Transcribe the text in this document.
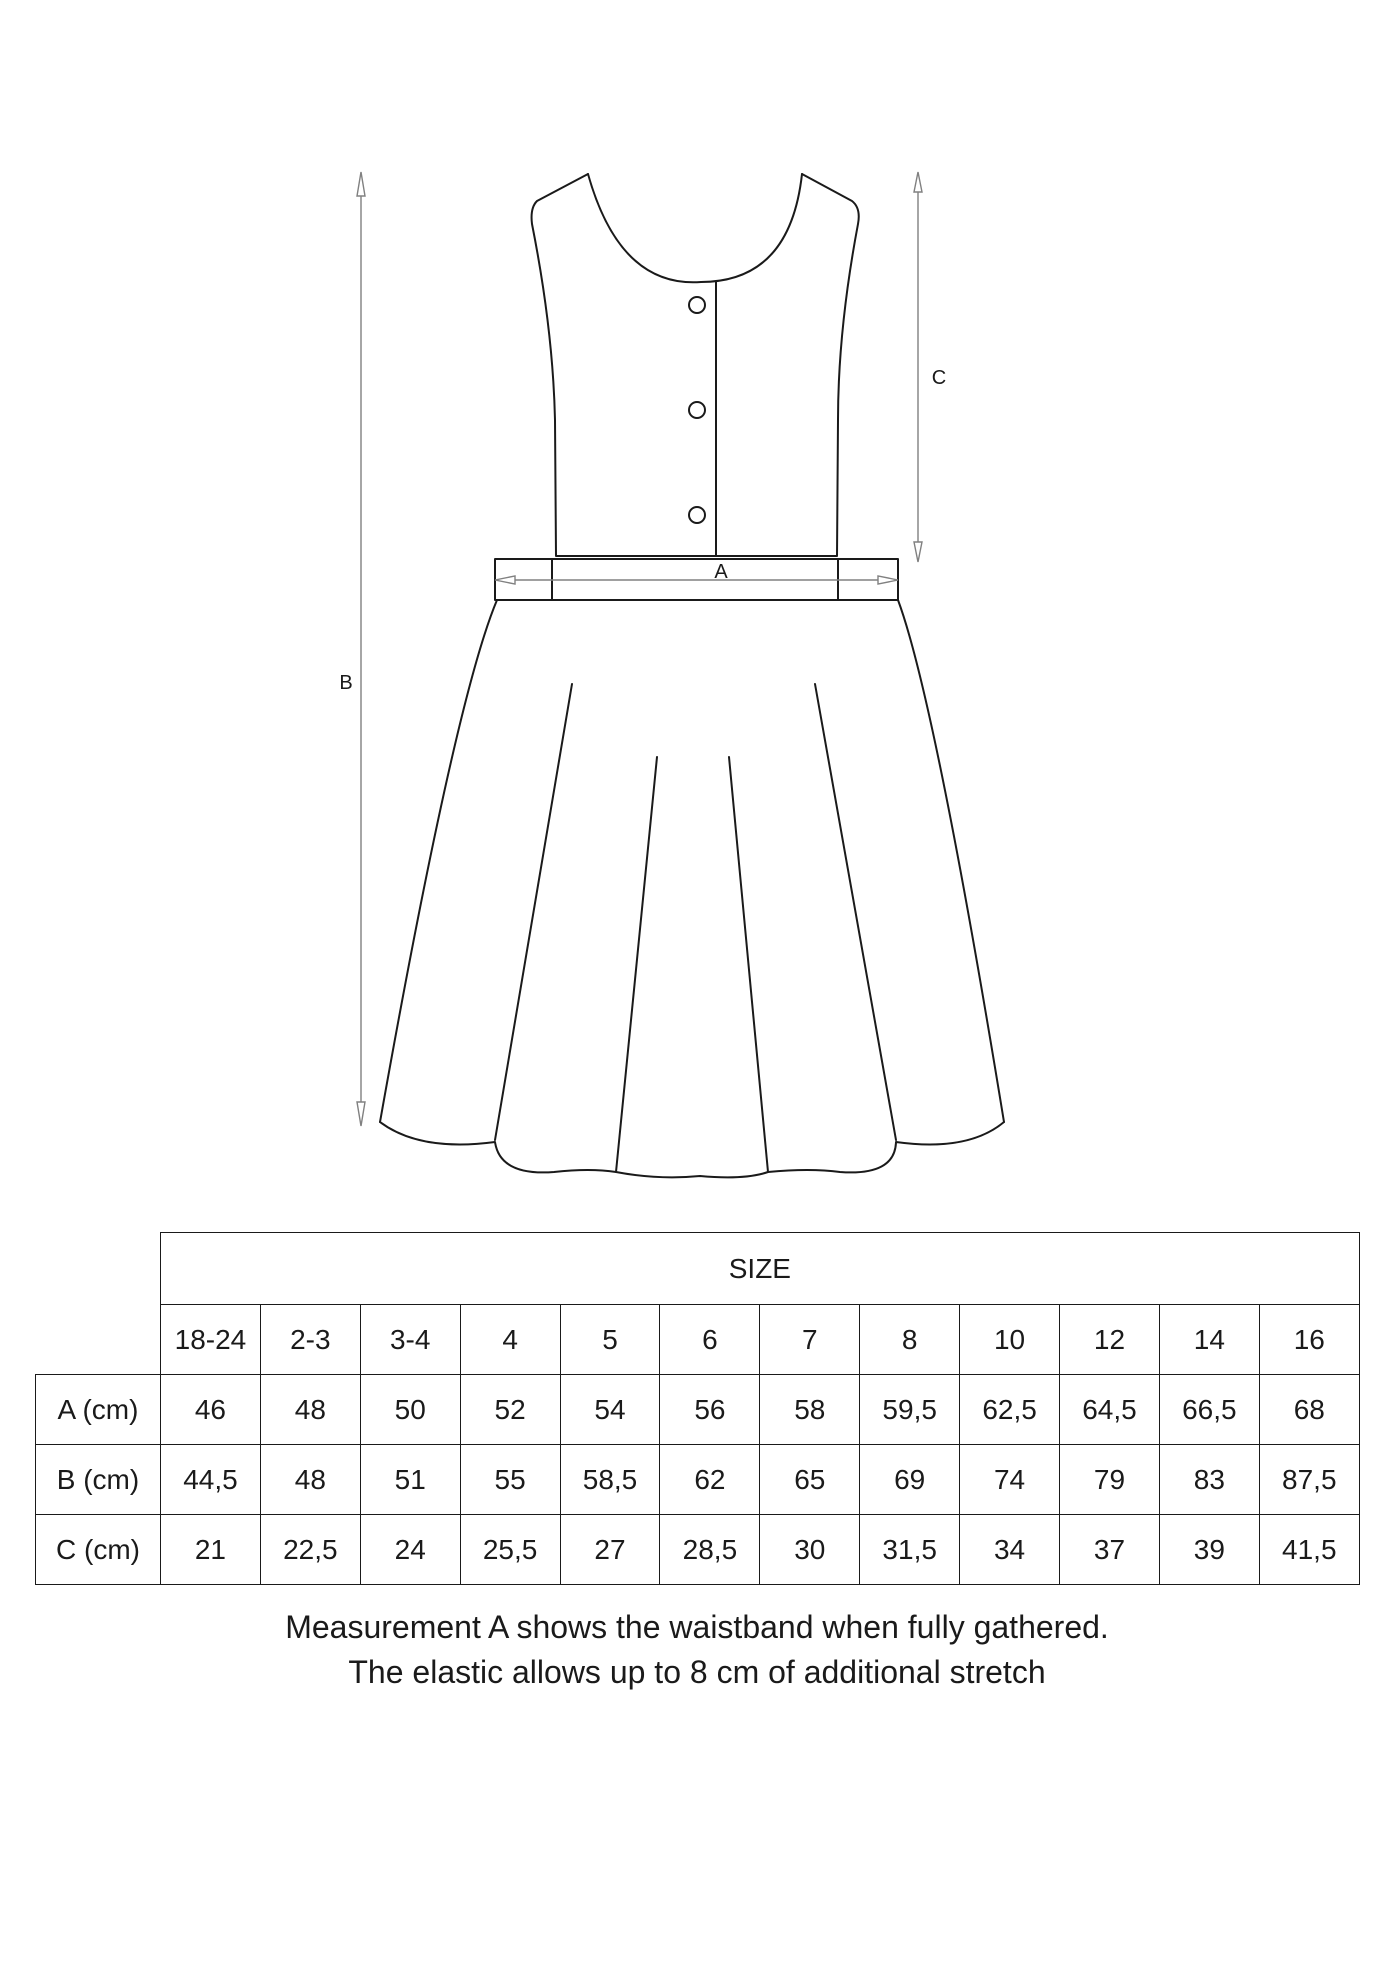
B
C
A
	SIZE											
	18-24	2-3	3-4	4	5	6	7	8	10	12	14	16
A (cm)	46	48	50	52	54	56	58	59,5	62,5	64,5	66,5	68
B (cm)	44,5	48	51	55	58,5	62	65	69	74	79	83	87,5
C (cm)	21	22,5	24	25,5	27	28,5	30	31,5	34	37	39	41,5
Measurement A shows the waistband when fully gathered.
The elastic allows up to 8 cm of additional stretch
